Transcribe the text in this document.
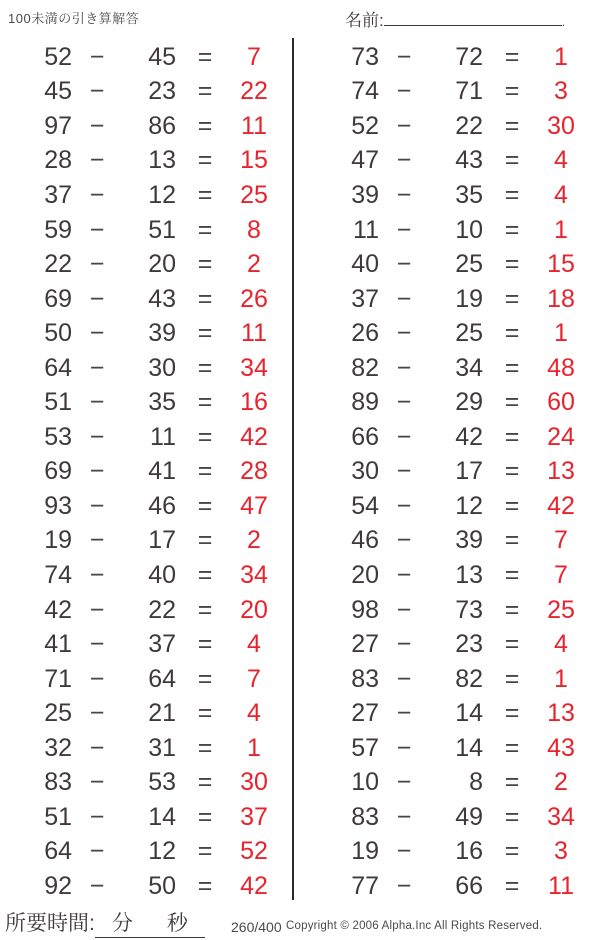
100未満の引き算解答	名前:	.
52 −	45 =	7
45 −	23 =	22
97 −	86 =	11
28 −	13 =	15
37 −	12 =	25
59 −	51 =	8
22 −	20 =	2
69 −	43 =	26
50 −	39 =	11
64 −	30 =	34
51 −	35 =	16
53 −	11 =	42
69 −	41 =	28
93 −	46 =	47
19 −	17 =	2
74 −	40 =	34
42 −	22 =	20
41 −	37 =	4
71 −	64 =	7
25 −	21 =	4
32 −	31 =	1
83 −	53 =	30
51 −	14 =	37
64 −	12 =	52
92 −	50 =	42
73 −	72 =	1
74 −	71 =	3
52 −	22 =	30
47 −	43 =	4
39 −	35 =	4
11 −	10 =	1
40 −	25 =	15
37 −	19 =	18
26 −	25 =	1
82 −	34 =	48
89 −	29 =	60
66 −	42 =	24
30 −	17 =	13
54 −	12 =	42
46 −	39 =	7
20 −	13 =	7
98 −	73 =	25
27 −	23 =	4
83 −	82 =	1
27 −	14 =	13
57 −	14 =	43
10 −	8 =	2
83 −	49 =	34
19 −	16 =	3
77 −	66 =	11
所要時間: 分 秒	260/400 Copyright © 2006 Alpha.Inc All Rights Reserved.
